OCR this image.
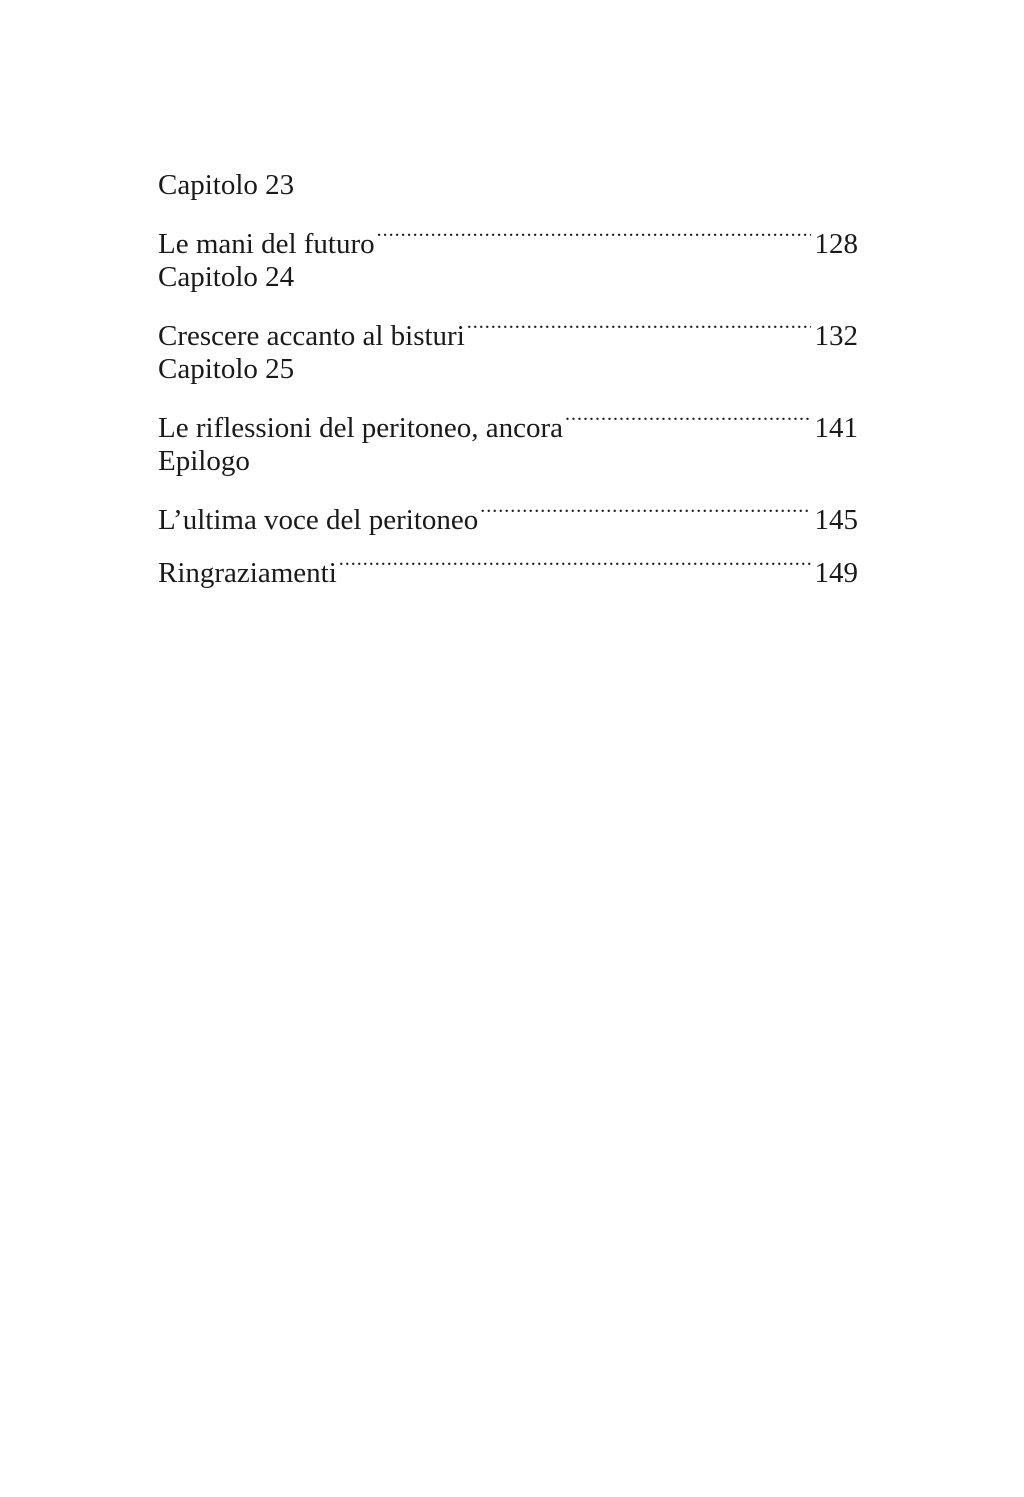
Capitolo 23
Le mani del futuro .....	128
Capitolo 24
Crescere accanto al bisturi .....	132
Capitolo 25
Le riflessioni del peritoneo, ancora .....	141
Epilogo
L’ultima voce del peritoneo .....	145
Ringraziamenti .....	149
